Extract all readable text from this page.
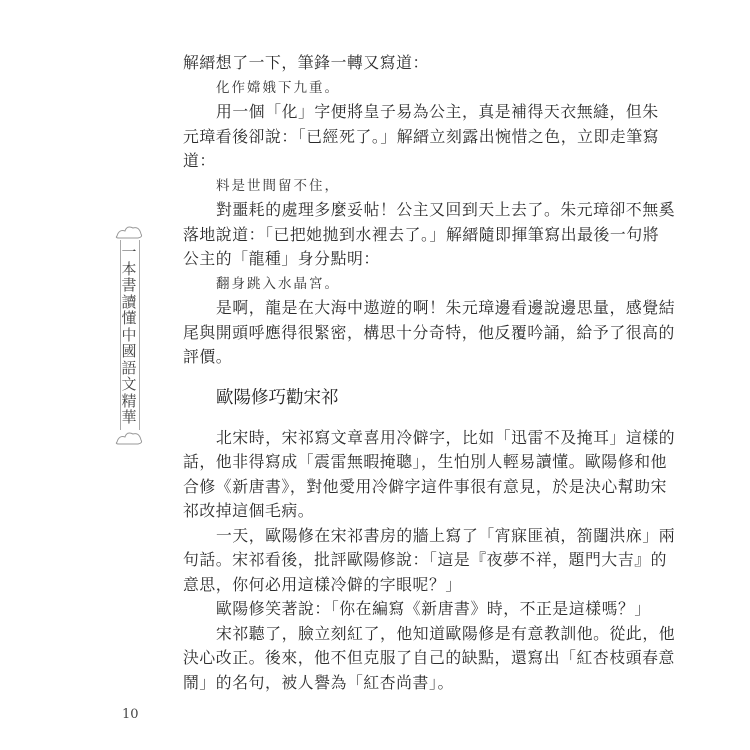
一本書讀懂中國語文精華
解縉想了一下，筆鋒一轉又寫道：
化作嫦娥下九重。
用一個「化」字便將皇子易為公主，真是補得天衣無縫，但朱
元璋看後卻說：「已經死了。」解縉立刻露出惋惜之色，立即走筆寫
道：
料是世間留不住，
對噩耗的處理多麼妥帖！公主又回到天上去了。朱元璋卻不無奚
落地說道：「已把她拋到水裡去了。」解縉隨即揮筆寫出最後一句將
公主的「龍種」身分點明：
翻身跳入水晶宮。
是啊，龍是在大海中遨遊的啊！朱元璋邊看邊說邊思量，感覺結
尾與開頭呼應得很緊密，構思十分奇特，他反覆吟誦，給予了很高的
評價。
歐陽修巧勸宋祁
北宋時，宋祁寫文章喜用冷僻字，比如「迅雷不及掩耳」這樣的
話，他非得寫成「震雷無暇掩聰」，生怕別人輕易讀懂。歐陽修和他
合修《新唐書》，對他愛用冷僻字這件事很有意見，於是決心幫助宋
祁改掉這個毛病。
一天，歐陽修在宋祁書房的牆上寫了「宵寐匪禎，箚闥洪庥」兩
句話。宋祁看後，批評歐陽修說：「這是『夜夢不祥，題門大吉』的
意思，你何必用這樣冷僻的字眼呢？」
歐陽修笑著說：「你在編寫《新唐書》時，不正是這樣嗎？」
宋祁聽了，臉立刻紅了，他知道歐陽修是有意教訓他。從此，他
決心改正。後來，他不但克服了自己的缺點，還寫出「紅杏枝頭春意
鬧」的名句，被人譽為「紅杏尚書」。
10
